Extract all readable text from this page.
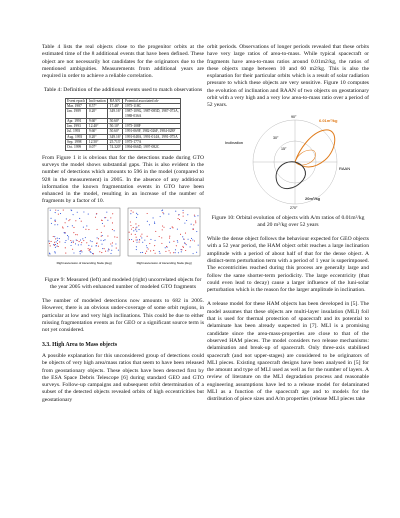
Table 4 lists the real objects close to the progenitor orbits at the estimated time of the 8 additional events that have been defined. These object are not necessarily hot candidates for the originators due to the mentioned ambiguities. Measurements from additional years are required in order to achieve a reliable correlation.

Table 4: Definition of the additional events used to match observations

Event epoch	Incli-nation	RAAN	Potential associated ob-
Mar. 1987	8.57°	17.48°	1975-118C
Jan. 1989	0.20°	349.16°	1987-109G, 1987-085D, 1987-073A, 1988-036A
Apr. 1991	9.60°	50.60°	
Jan. 1993	12.40°	50.10°	1975-108F
Jul. 1993	9.60°	50.60°	1991-069F, 1982-026F, 1984-028F
Aug. 1993	0.20°	349.16°	1991-048A, 1991-014A, 1991-075A
Sep. 1998	12.50°	25.713°	1975-177A
Oct. 1999	0.07°	74.320°	1994-066D, 1997-082C

From Figure 1 it is obvious that for the detections made during GTO surveys the model shows substantial gaps. This is also evident in the number of detections which amounts to 596 in the model (compared to 928 in the measurement) in 2005. In the absence of any additional information the known fragmentation events in GTO have been enhanced in the model, resulting in an increase of the number of fragments by a factor of 10.

Right ascension of Ascending Node [deg]	Right ascension of Ascending Node [deg]

Figure 9: Measured (left) and modeled (right) uncorrelated objects for the year 2005 with enhanced number of modeled GTO fragments

The number of modeled detections now amounts to 682 in 2005. However, there is an obvious under-coverage of some orbit regions, in particular at low and very high inclinations. This could be due to either missing fragmentation events as for GEO or a significant source term is not yet considered.

3.3. High Area to Mass objects

A possible explanation for this unconsidered group of detections could be objects of very high area/mass ratios that seem to have been released from geostationary objects. These objects have been detected first by the ESA Space Debris Telescope [6] during standard GEO and GTO surveys. Follow-up campaigns and subsequent orbit determination of a subset of the detected objects revealed orbits of high eccentricities but geostationary

orbit periods. Observations of longer periods revealed that these orbits have very large ratios of area-to-mass. While typical spacecraft or fragments have area-to-mass ratios around 0.01m2/kg, the ratios of these objects range between 10 and 60 m2/kg. This is also the explanation for their particular orbits which is a result of solar radiation pressure to which these objects are very sensitive. Figure 10 computes the evolution of inclination and RAAN of two objects on geostationary orbit with a very high and a very low area-to-mass ratio over a period of 52 years.

Inclination
RAAN
30°
15°
90°
270°
6.01m²/kg
20m²/kg

Figure 10: Orbital evolution of objects with A/m ratios of 0.01m²/kg and 20 m²/kg over 52 years

While the dense object follows the behaviour expected for GEO objects with a 52 year period, the HAM object orbit reaches a large inclination amplitude with a period of about half of that for the dense object. A distinct-term perturbation term with a period of 1 year is superimposed. The eccentricities reached during this process are generally large and follow the same shorter-term periodicity. The large eccentricity (that could even lead to decay) cause a larger influence of the luni-solar perturbation which is the reason for the larger amplitude in inclination.

A release model for these HAM objects has been developed in [5]. The model assumes that these objects are multi-layer insulation (MLI) foil that is used for thermal protection of spacecraft and its potential to delaminate has been already suspected in [7]. MLI is a promising candidate since the area-mass-properties are close to that of the observed HAM pieces. The model considers two release mechanisms: delamination and break-up of spacecraft. Only three-axis stabilised spacecraft (and not upper-stages) are considered to be originators of MLI pieces. Existing spacecraft designs have been analysed in [5] for the amount and type of MLI used as well as for the number of layers. A review of literature on the MLI degradation process and reasonable engineering assumptions have led to a release model for delaminated MLI as a function of the spacecraft age and to models for the distribution of piece sizes and A/m properties (release MLI pieces take
